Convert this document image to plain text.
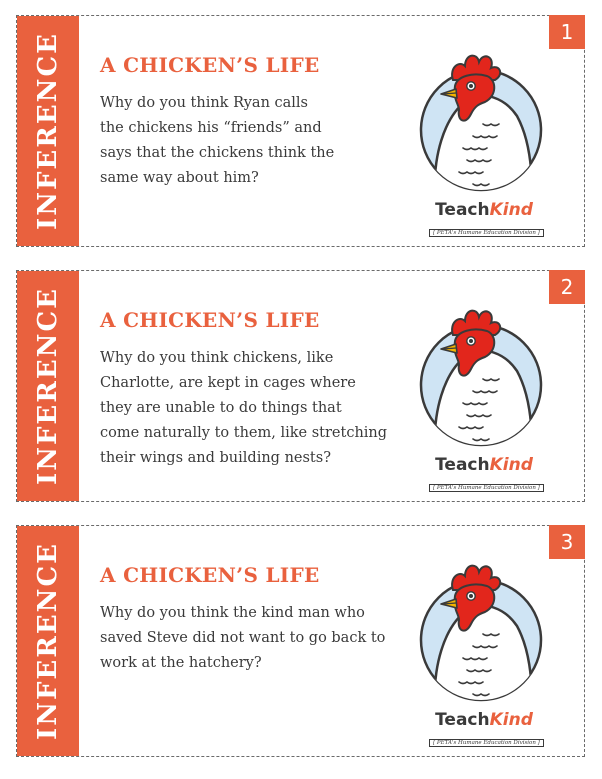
INFERENCE
1
A CHICKEN’S LIFE

Why do you think Ryan calls
the chickens his “friends” and
says that the chickens think the
same way about him?

TeachKind
[ PETA's Humane Education Division ]
INFERENCE
2
A CHICKEN’S LIFE

Why do you think chickens, like
Charlotte, are kept in cages where
they are unable to do things that
come naturally to them, like stretching
their wings and building nests?	TeachKind
[ PETA's Humane Education Division ]
INFERENCE
3
A CHICKEN’S LIFE

Why do you think the kind man who
saved Steve did not want to go back to
work at the hatchery?

TeachKind
[ PETA's Humane Education Division ]
